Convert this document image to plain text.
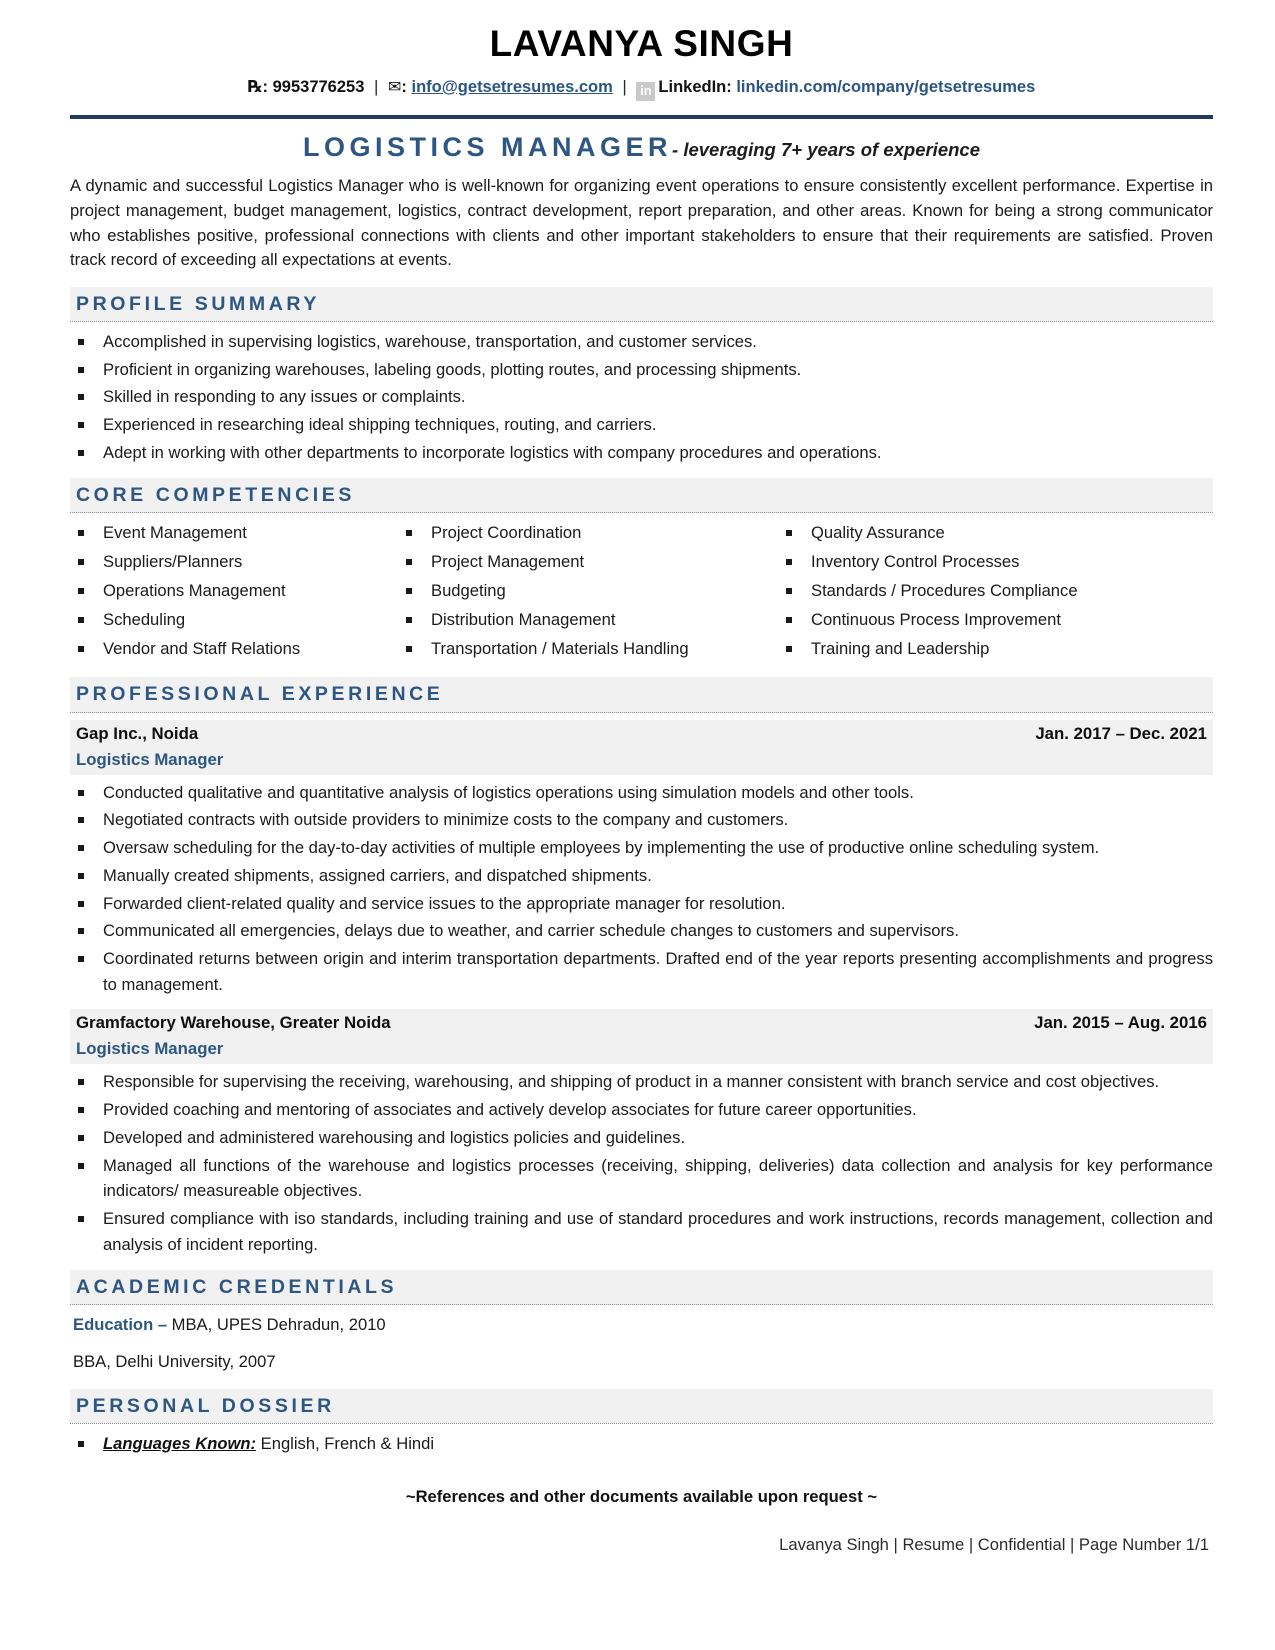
LAVANYA SINGH
℞: 9953776253 | ✉: info@getsetresumes.com | in LinkedIn: linkedin.com/company/getsetresumes
LOGISTICS MANAGER- leveraging 7+ years of experience

A dynamic and successful Logistics Manager who is well-known for organizing event operations to ensure consistently excellent performance. Expertise in project management, budget management, logistics, contract development, report preparation, and other areas. Known for being a strong communicator who establishes positive, professional connections with clients and other important stakeholders to ensure that their requirements are satisfied. Proven track record of exceeding all expectations at events.

PROFILE SUMMARY
Accomplished in supervising logistics, warehouse, transportation, and customer services.
Proficient in organizing warehouses, labeling goods, plotting routes, and processing shipments.
Skilled in responding to any issues or complaints.
Experienced in researching ideal shipping techniques, routing, and carriers.
Adept in working with other departments to incorporate logistics with company procedures and operations.
CORE COMPETENCIES
Event Management
Suppliers/Planners
Operations Management
Scheduling
Vendor and Staff Relations
Project Coordination
Project Management
Budgeting
Distribution Management
Transportation / Materials Handling
Quality Assurance
Inventory Control Processes
Standards / Procedures Compliance
Continuous Process Improvement
Training and Leadership
PROFESSIONAL EXPERIENCE
Gap Inc., Noida	Jan. 2017 – Dec. 2021
Logistics Manager
Conducted qualitative and quantitative analysis of logistics operations using simulation models and other tools.
Negotiated contracts with outside providers to minimize costs to the company and customers.
Oversaw scheduling for the day-to-day activities of multiple employees by implementing the use of productive online scheduling system.
Manually created shipments, assigned carriers, and dispatched shipments.
Forwarded client-related quality and service issues to the appropriate manager for resolution.
Communicated all emergencies, delays due to weather, and carrier schedule changes to customers and supervisors.
Coordinated returns between origin and interim transportation departments. Drafted end of the year reports presenting accomplishments and progress to management.
Gramfactory Warehouse, Greater Noida	Jan. 2015 – Aug. 2016
Logistics Manager
Responsible for supervising the receiving, warehousing, and shipping of product in a manner consistent with branch service and cost objectives.
Provided coaching and mentoring of associates and actively develop associates for future career opportunities.
Developed and administered warehousing and logistics policies and guidelines.
Managed all functions of the warehouse and logistics processes (receiving, shipping, deliveries) data collection and analysis for key performance indicators/ measureable objectives.
Ensured compliance with iso standards, including training and use of standard procedures and work instructions, records management, collection and analysis of incident reporting.
ACADEMIC CREDENTIALS
Education – MBA, UPES Dehradun, 2010
BBA, Delhi University, 2007
PERSONAL DOSSIER
Languages Known: English, French & Hindi
~References and other documents available upon request ~
Lavanya Singh | Resume | Confidential | Page Number 1/1
